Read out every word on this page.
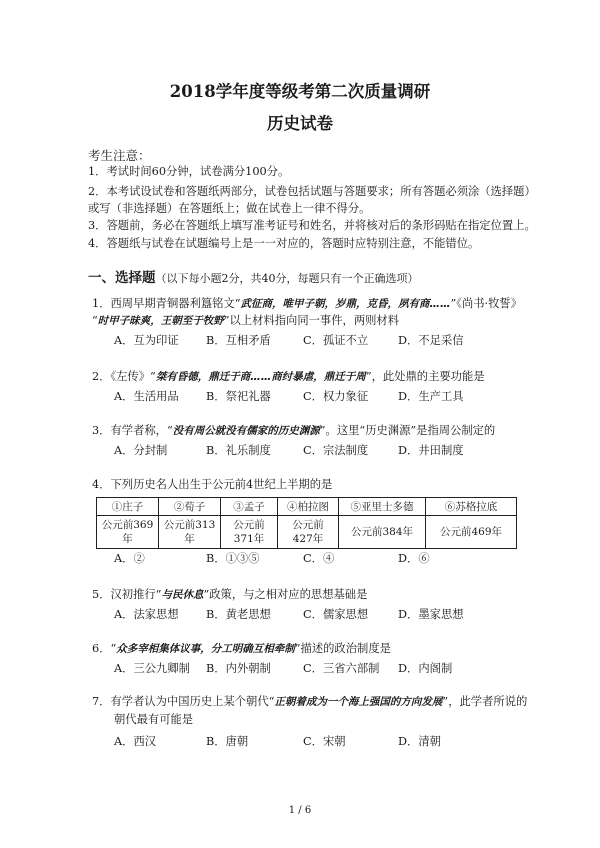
2018学年度等级考第二次质量调研
历史试卷
考生注意：
1．考试时间60分钟，试卷满分100分。
2．本考试设试卷和答题纸两部分，试卷包括试题与答题要求；所有答题必须涂（选择题）
或写（非选择题）在答题纸上；做在试卷上一律不得分。
3．答题前，务必在答题纸上填写准考证号和姓名，并将核对后的条形码贴在指定位置上。
4．答题纸与试卷在试题编号上是一一对应的，答题时应特别注意，不能错位。
一、选择题（以下每小题2分，共40分，每题只有一个正确选项）
1．西周早期青铜器利簋铭文“武征商，唯甲子朝，岁鼎，克昏，夙有商……”《尚书·牧誓》
“时甲子昧爽，王朝至于牧野”以上材料指向同一事件，两则材料
A．互为印证 B．互相矛盾	C．孤证不立	D．不足采信
2．《左传》“桀有昏德，鼎迁于商……商纣暴虐，鼎迁于周”，此处鼎的主要功能是
A．生活用品 B．祭祀礼器	C．权力象征	D．生产工具
3．有学者称，“没有周公就没有儒家的历史渊源”。这里“历史渊源”是指周公制定的
A．分封制	B．礼乐制度	C．宗法制度	D．井田制度
4．下列历史名人出生于公元前4世纪上半期的是
①庄子	②荀子	③孟子	④柏拉图	⑤亚里士多德	⑥苏格拉底
公元前369
年	公元前313
年	公元前
371年	公元前
427年	公元前384年	公元前469年
A．②	B．①③⑤	C．④	D．⑥
5．汉初推行“与民休息”政策，与之相对应的思想基础是
A．法家思想 B．黄老思想	C．儒家思想	D．墨家思想
6．“众多宰相集体议事，分工明确互相牵制”描述的政治制度是
A．三公九卿制 B．内外朝制	C．三省六部制 D．内阁制
7．有学者认为中国历史上某个朝代“正朝着成为一个海上强国的方向发展”，此学者所说的
朝代最有可能是
A．西汉	B．唐朝	C．宋朝	D．清朝
1 / 6
